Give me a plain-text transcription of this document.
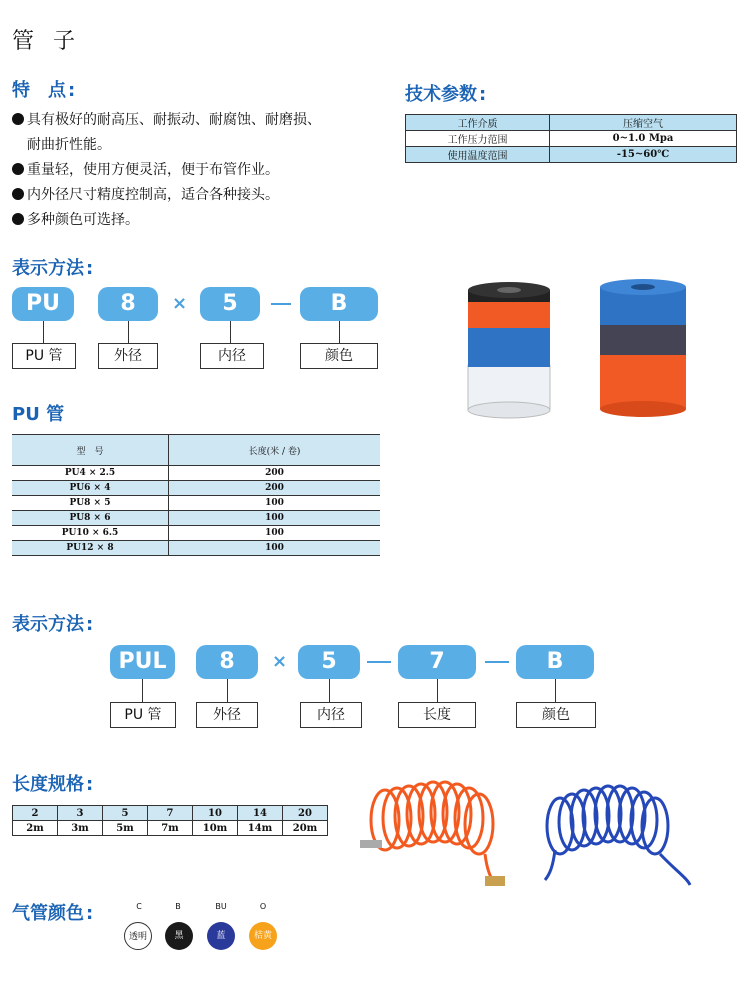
管 子
特　点 :
具有极好的耐高压、耐振动、耐腐蚀、耐磨损、
耐曲折性能。
重量轻，使用方便灵活，便于布管作业。
内外径尺寸精度控制高，适合各种接头。
多种颜色可选择。
技术参数 :
工作介质	压缩空气
工作压力范围	0~1.0 Mpa
使用温度范围	-15~60℃
表示方法 :
PU	8	×	5	B
PU 管	外径	内径	颜色
PU 管
型　号	长度(米 / 卷)
PU4 × 2.5	200
PU6 × 4	200
PU8 × 5	100
PU8 × 6	100
PU10 × 6.5	100
PU12 × 8	100
表示方法 :
PUL	8	×	5	7	B
PU 管	外径	内径	长度	颜色
长度规格 :
2	3	5	7	10	14	20
2m	3m	5m	7m	10m	14m	20m
气管颜色 :	C	B	BU	O
透明	黑	蓝	桔黄
